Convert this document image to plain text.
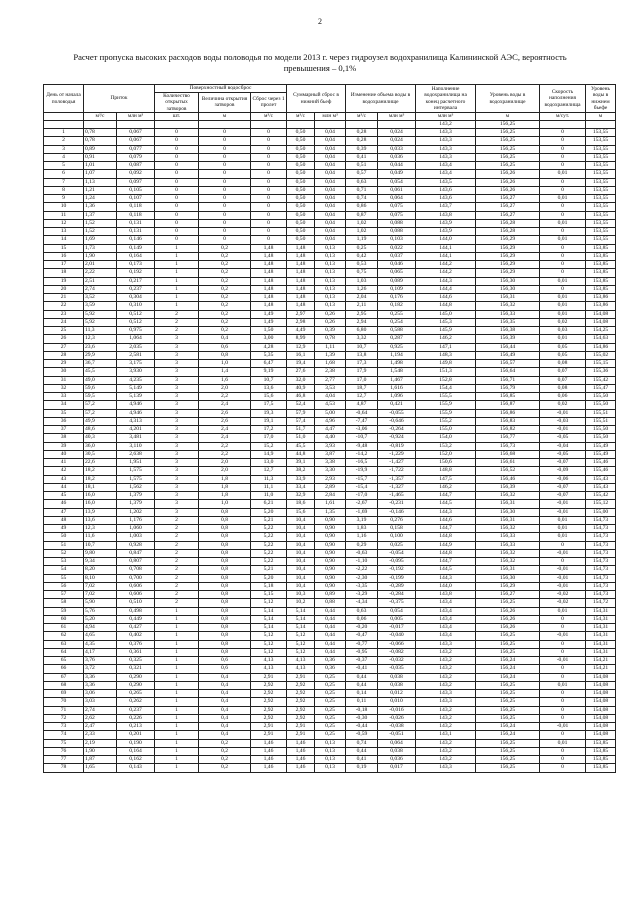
2
Расчет пропуска высоких расходов воды половодья по модели 2013 г. через гидроузел водохранилища Калининской АЭС, вероятность превышения – 0,1%
День от начала половодья	Приток		Поверхностный водосброс			Суммарный сброс в нижний бьеф		Изменение объема воды в водохранилище		Наполнение водохранилища на конец расчетного интервала	Уровень воды в водохранилище	Скорость наполнения водохранилища	Уровень воды в нижнем бьефе
			Количество открытых затворов	Величина открытия затворов	Сброс через 1 пролет								
	м³/с	млн м³	шт.	м	м³/с	м³/с	млн м³	м³/с	млн м³	млн м³	м	м/сут.	м
										143,2	156,25		
1	0,78	0,067	0	0	0	0,50	0,04	0,28	0,024	143,3	156,25	0	153,55
2	0,78	0,067	0	0	0	0,50	0,04	0,28	0,024	143,3	156,25	0	153,55
3	0,89	0,077	0	0	0	0,50	0,04	0,39	0,033	143,3	156,25	0	153,55
4	0,91	0,079	0	0	0	0,50	0,04	0,41	0,036	143,3	156,25	0	153,55
5	1,01	0,087	0	0	0	0,50	0,04	0,51	0,044	143,4	156,25	0	153,55
6	1,07	0,092	0	0	0	0,50	0,04	0,57	0,049	143,4	156,26	0,01	153,55
7	1,13	0,097	0	0	0	0,50	0,04	0,63	0,054	143,5	156,26	0	153,55
8	1,21	0,105	0	0	0	0,50	0,04	0,71	0,061	143,6	156,26	0	153,55
9	1,24	0,107	0	0	0	0,50	0,04	0,74	0,064	143,6	156,27	0,01	153,55
10	1,36	0,118	0	0	0	0,50	0,04	0,86	0,075	143,7	156,27	0	153,55
11	1,37	0,118	0	0	0	0,50	0,04	0,87	0,075	143,8	156,27	0	153,55
12	1,52	0,131	0	0	0	0,50	0,04	1,02	0,088	143,9	156,28	0,01	153,55
13	1,52	0,131	0	0	0	0,50	0,04	1,02	0,088	143,9	156,28	0	153,55
14	1,69	0,146	0	0	0	0,50	0,04	1,19	0,103	144,0	156,29	0,01	153,55
15	1,73	0,149	1	0,2	1,48	1,48	0,13	0,25	0,022	144,1	156,29	0	153,85
16	1,90	0,164	1	0,2	1,48	1,48	0,13	0,42	0,037	144,1	156,29	0	153,85
17	2,01	0,173	1	0,2	1,48	1,48	0,13	0,53	0,046	144,2	156,29	0	153,85
18	2,22	0,192	1	0,2	1,48	1,48	0,13	0,75	0,065	144,2	156,29	0	153,85
19	2,51	0,217	1	0,2	1,48	1,48	0,13	1,03	0,089	144,3	156,30	0,01	153,85
20	2,74	0,237	1	0,2	1,48	1,48	0,13	1,26	0,109	144,4	156,30	0	153,85
21	3,52	0,304	1	0,2	1,48	1,48	0,13	2,04	0,176	144,6	156,31	0,01	153,86
22	3,59	0,310	1	0,2	1,48	1,48	0,13	2,11	0,182	144,8	156,32	0,01	153,86
23	5,92	0,512	2	0,2	1,49	2,97	0,26	2,95	0,255	145,0	156,33	0,01	154,08
24	5,92	0,512	2	0,2	1,49	2,98	0,26	2,94	0,254	145,3	156,35	0,02	154,08
25	11,3	0,975	2	0,2	1,50	4,49	0,39	6,80	0,588	145,9	156,38	0,03	154,25
26	12,3	1,064	3	0,4	3,00	8,99	0,78	3,32	0,287	146,2	156,39	0,01	154,63
27	23,6	2,035	3	0,6	4,28	12,9	1,11	10,7	0,925	147,1	156,44	0,05	154,86
28	29,9	2,581	3	0,8	5,35	16,1	1,39	13,8	1,194	148,3	156,49	0,05	155,02
29	36,7	3,175	3	1,0	6,47	19,4	1,68	17,3	1,498	149,8	156,57	0,08	155,15
30	45,5	3,930	3	1,4	9,19	27,6	2,38	17,9	1,548	151,3	156,64	0,07	155,36
31	49,0	4,235	3	1,6	10,7	32,0	2,77	17,0	1,467	152,8	156,71	0,07	155,42
32	59,6	5,149	3	2,0	13,6	40,9	3,53	18,7	1,616	154,4	156,79	0,08	155,47
33	59,5	5,139	3	2,2	15,6	46,8	4,04	12,7	1,096	155,5	156,85	0,06	155,50
34	57,2	4,946	3	2,4	17,5	52,4	4,53	4,87	0,421	155,9	156,87	0,02	155,50
35	57,2	4,946	3	2,6	19,3	57,9	5,00	-0,64	-0,055	155,9	156,86	-0,01	155,51
36	49,9	4,313	3	2,6	19,1	57,4	4,96	-7,47	-0,646	155,2	156,83	-0,03	155,51
37	48,6	4,201	3	2,4	17,2	51,7	4,47	-3,06	-0,264	155,0	156,82	-0,01	155,50
38	40,3	3,481	3	2,4	17,0	51,0	4,40	-10,7	-0,924	154,0	156,77	-0,05	155,50
39	36,0	3,110	3	2,2	15,2	45,5	3,93	-9,48	-0,819	153,2	156,73	-0,04	155,49
40	30,5	2,638	3	2,2	14,9	44,8	3,87	-14,2	-1,229	152,0	156,68	-0,05	155,49
41	22,6	1,951	3	2,0	13,0	39,1	3,38	-16,5	-1,427	150,6	156,61	-0,07	155,46
42	18,2	1,575	3	2,0	12,7	38,2	3,30	-19,9	-1,722	148,8	156,52	-0,09	155,46
43	18,2	1,575	3	1,8	11,3	33,9	2,93	-15,7	-1,357	147,5	156,46	-0,06	155,43
44	18,1	1,562	3	1,8	11,1	33,4	2,89	-15,4	-1,327	146,2	156,39	-0,07	155,43
45	16,0	1,379	3	1,8	11,0	32,9	2,84	-17,0	-1,465	144,7	156,32	-0,07	155,42
46	16,0	1,379	3	1,0	6,21	18,6	1,61	-2,67	-0,231	144,5	156,31	-0,01	155,12
47	13,9	1,202	3	0,8	5,20	15,6	1,35	-1,69	-0,146	144,3	156,30	-0,01	155,00
48	13,6	1,176	2	0,8	5,21	10,4	0,90	3,19	0,276	144,6	156,31	0,01	154,73
49	12,3	1,060	2	0,8	5,22	10,4	0,90	1,83	0,158	144,7	156,32	0,01	154,73
50	11,6	1,003	2	0,8	5,22	10,4	0,90	1,16	0,100	144,8	156,33	0,01	154,73
51	10,7	0,928	2	0,8	5,22	10,4	0,90	0,29	0,025	144,9	156,33	0	154,73
52	9,80	0,847	2	0,8	5,22	10,4	0,90	-0,63	-0,054	144,8	156,32	-0,01	154,73
53	9,34	0,807	2	0,8	5,22	10,4	0,90	-1,10	-0,095	144,7	156,32	0	154,73
54	8,20	0,708	2	0,8	5,21	10,4	0,90	-2,22	-0,192	144,5	156,31	-0,01	154,73
55	8,10	0,700	2	0,8	5,20	10,4	0,90	-2,30	-0,199	144,3	156,30	-0,01	154,73
56	7,02	0,606	2	0,8	5,18	10,4	0,90	-3,35	-0,289	144,0	156,29	-0,01	154,73
57	7,02	0,606	2	0,8	5,15	10,3	0,89	-3,29	-0,284	143,8	156,27	-0,02	154,73
58	5,90	0,510	2	0,8	5,12	10,2	0,88	-4,34	-0,375	143,4	156,25	-0,02	154,72
59	5,76	0,498	1	0,8	5,14	5,14	0,44	0,63	0,054	143,4	156,26	0,01	154,31
60	5,20	0,449	1	0,8	5,14	5,14	0,44	0,06	0,005	143,4	156,26	0	154,31
61	4,94	0,427	1	0,8	5,14	5,14	0,44	-0,20	-0,017	143,4	156,26	0	154,31
62	4,65	0,402	1	0,8	5,12	5,12	0,44	-0,47	-0,040	143,4	156,25	-0,01	154,31
63	4,35	0,376	1	0,8	5,12	5,12	0,44	-0,77	-0,066	143,3	156,25	0	154,31
64	4,17	0,361	1	0,8	5,12	5,12	0,44	-0,95	-0,082	143,2	156,25	0	154,31
65	3,76	0,325	1	0,6	4,13	4,13	0,36	-0,37	-0,032	143,2	156,24	-0,01	154,21
66	3,72	0,321	1	0,6	4,13	4,13	0,36	-0,41	-0,035	143,2	156,24	0	154,21
67	3,36	0,290	1	0,4	2,91	2,91	0,25	0,44	0,038	143,2	156,24	0	154,08
68	3,36	0,290	1	0,4	2,92	2,92	0,25	0,44	0,038	143,2	156,25	0,01	154,08
69	3,06	0,265	1	0,4	2,92	2,92	0,25	0,14	0,012	143,3	156,25	0	154,08
70	3,03	0,262	1	0,4	2,92	2,92	0,25	0,11	0,010	143,3	156,25	0	154,08
71	2,74	0,237	1	0,4	2,92	2,92	0,25	-0,18	-0,016	143,2	156,25	0	154,08
72	2,62	0,226	1	0,4	2,92	2,92	0,25	-0,30	-0,026	143,2	156,25	0	154,08
73	2,47	0,213	1	0,4	2,91	2,91	0,25	-0,44	-0,038	143,2	156,24	-0,01	154,08
74	2,33	0,201	1	0,4	2,91	2,91	0,25	-0,59	-0,051	143,1	156,24	0	154,08
75	2,19	0,190	1	0,2	1,46	1,46	0,13	0,74	0,064	143,2	156,25	0,01	153,85
76	1,90	0,164	1	0,2	1,46	1,46	0,13	0,44	0,038	143,2	156,25	0	153,85
77	1,87	0,162	1	0,2	1,46	1,46	0,13	0,41	0,036	143,2	156,25	0	153,85
78	1,65	0,143	1	0,2	1,46	1,46	0,13	0,19	0,017	143,3	156,25	0	153,85
